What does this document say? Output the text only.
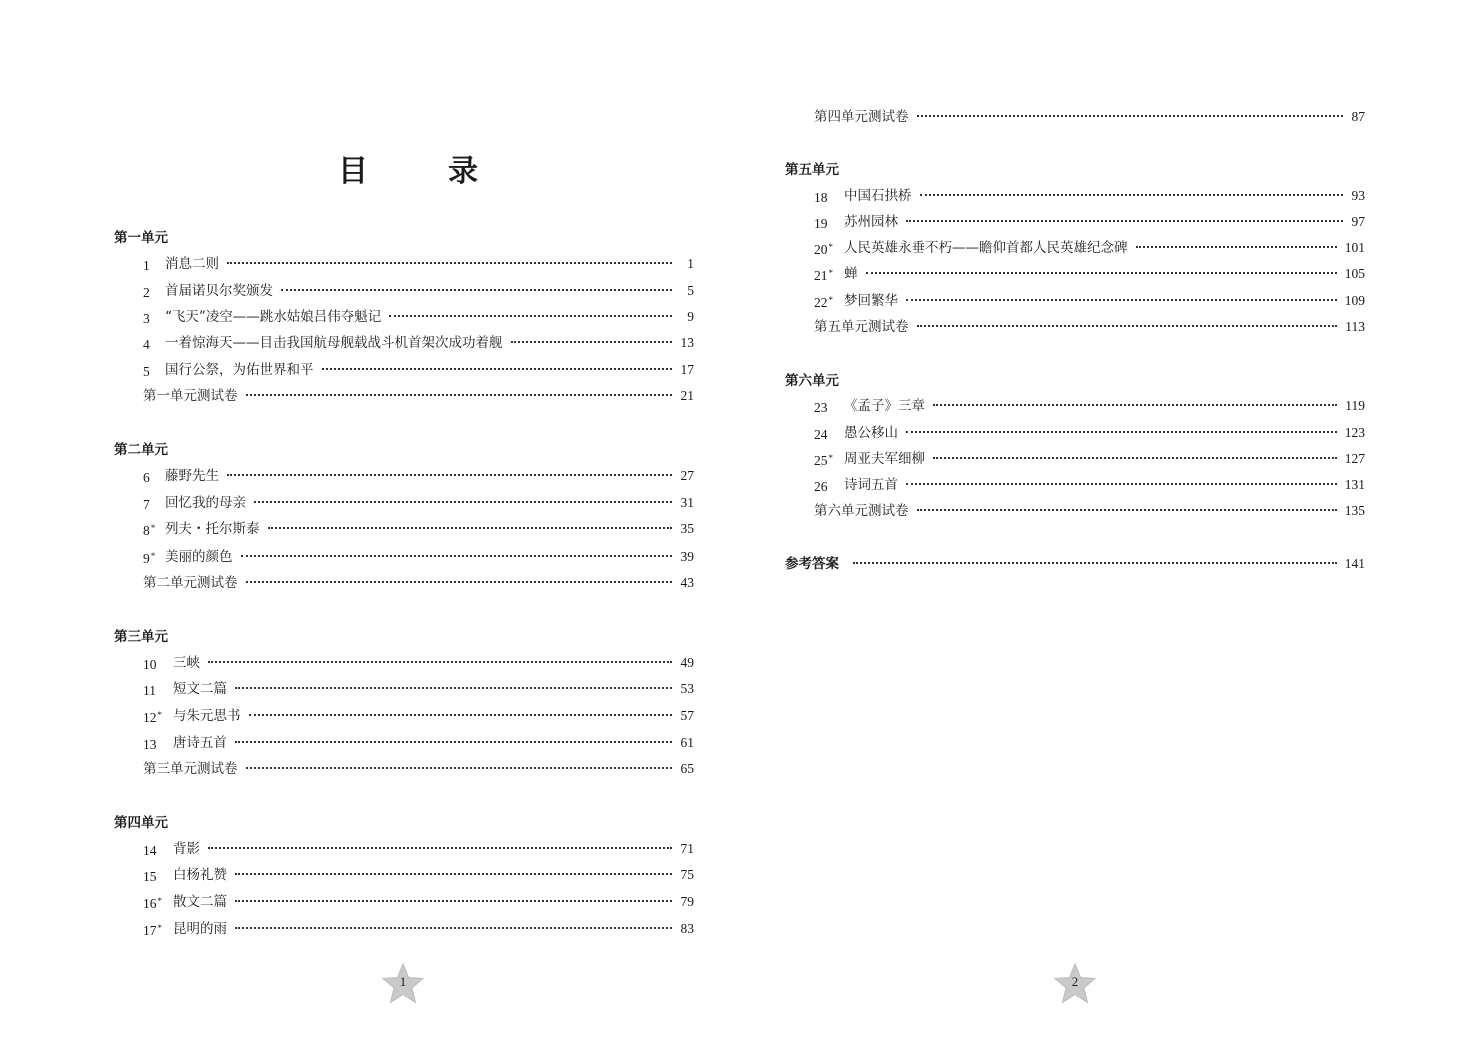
目	录
第一单元
1	消息二则	1
2	首届诺贝尔奖颁发	5
3	“飞天”凌空——跳水姑娘吕伟夺魁记	9
4	一着惊海天——目击我国航母舰载战斗机首架次成功着舰	13
5	国行公祭，为佑世界和平	17
第一单元测试卷	21
第二单元
6	藤野先生	27
7	回忆我的母亲	31
8* 列夫・托尔斯泰	35
9* 美丽的颜色	39
第二单元测试卷	43
第三单元
10	三峡	49
11	短文二篇	53
12* 与朱元思书	57
13	唐诗五首	61
第三单元测试卷	65
第四单元
14	背影	71
15	白杨礼赞	75
16* 散文二篇	79
17* 昆明的雨	83
1
第四单元测试卷	87
第五单元
18	中国石拱桥	93
19	苏州园林	97
20* 人民英雄永垂不朽——瞻仰首都人民英雄纪念碑	101
21* 蝉	105
22* 梦回繁华	109
第五单元测试卷	113
第六单元
23	《孟子》三章	119
24	愚公移山	123
25* 周亚夫军细柳	127
26	诗词五首	131
第六单元测试卷	135
参考答案	141
2
